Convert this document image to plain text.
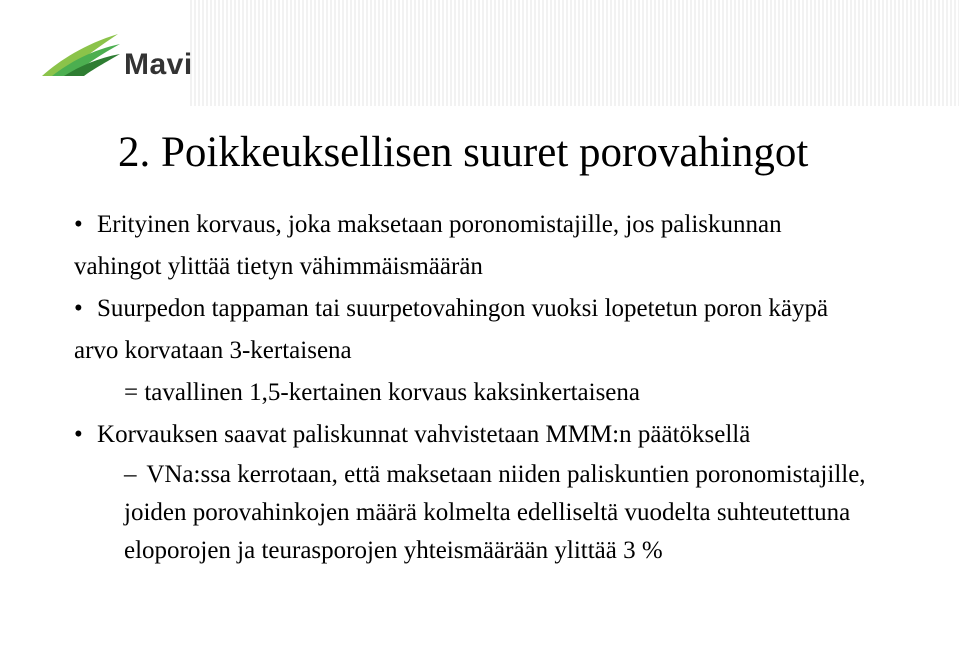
Mavi
2. Poikkeuksellisen suuret porovahingot

• Erityinen korvaus, joka maksetaan poronomistajille, jos paliskunnan vahingot ylittää tietyn vähimmäismäärän

• Suurpedon tappaman tai suurpetovahingon vuoksi lopetetun poron käypä arvo korvataan 3-kertaisena

= tavallinen 1,5-kertainen korvaus kaksinkertaisena

• Korvauksen saavat paliskunnat vahvistetaan MMM:n päätöksellä

– VNa:ssa kerrotaan, että maksetaan niiden paliskuntien poronomistajille, joiden porovahinkojen määrä kolmelta edelliseltä vuodelta suhteutettuna eloporojen ja teurasporojen yhteismäärään ylittää 3 %
